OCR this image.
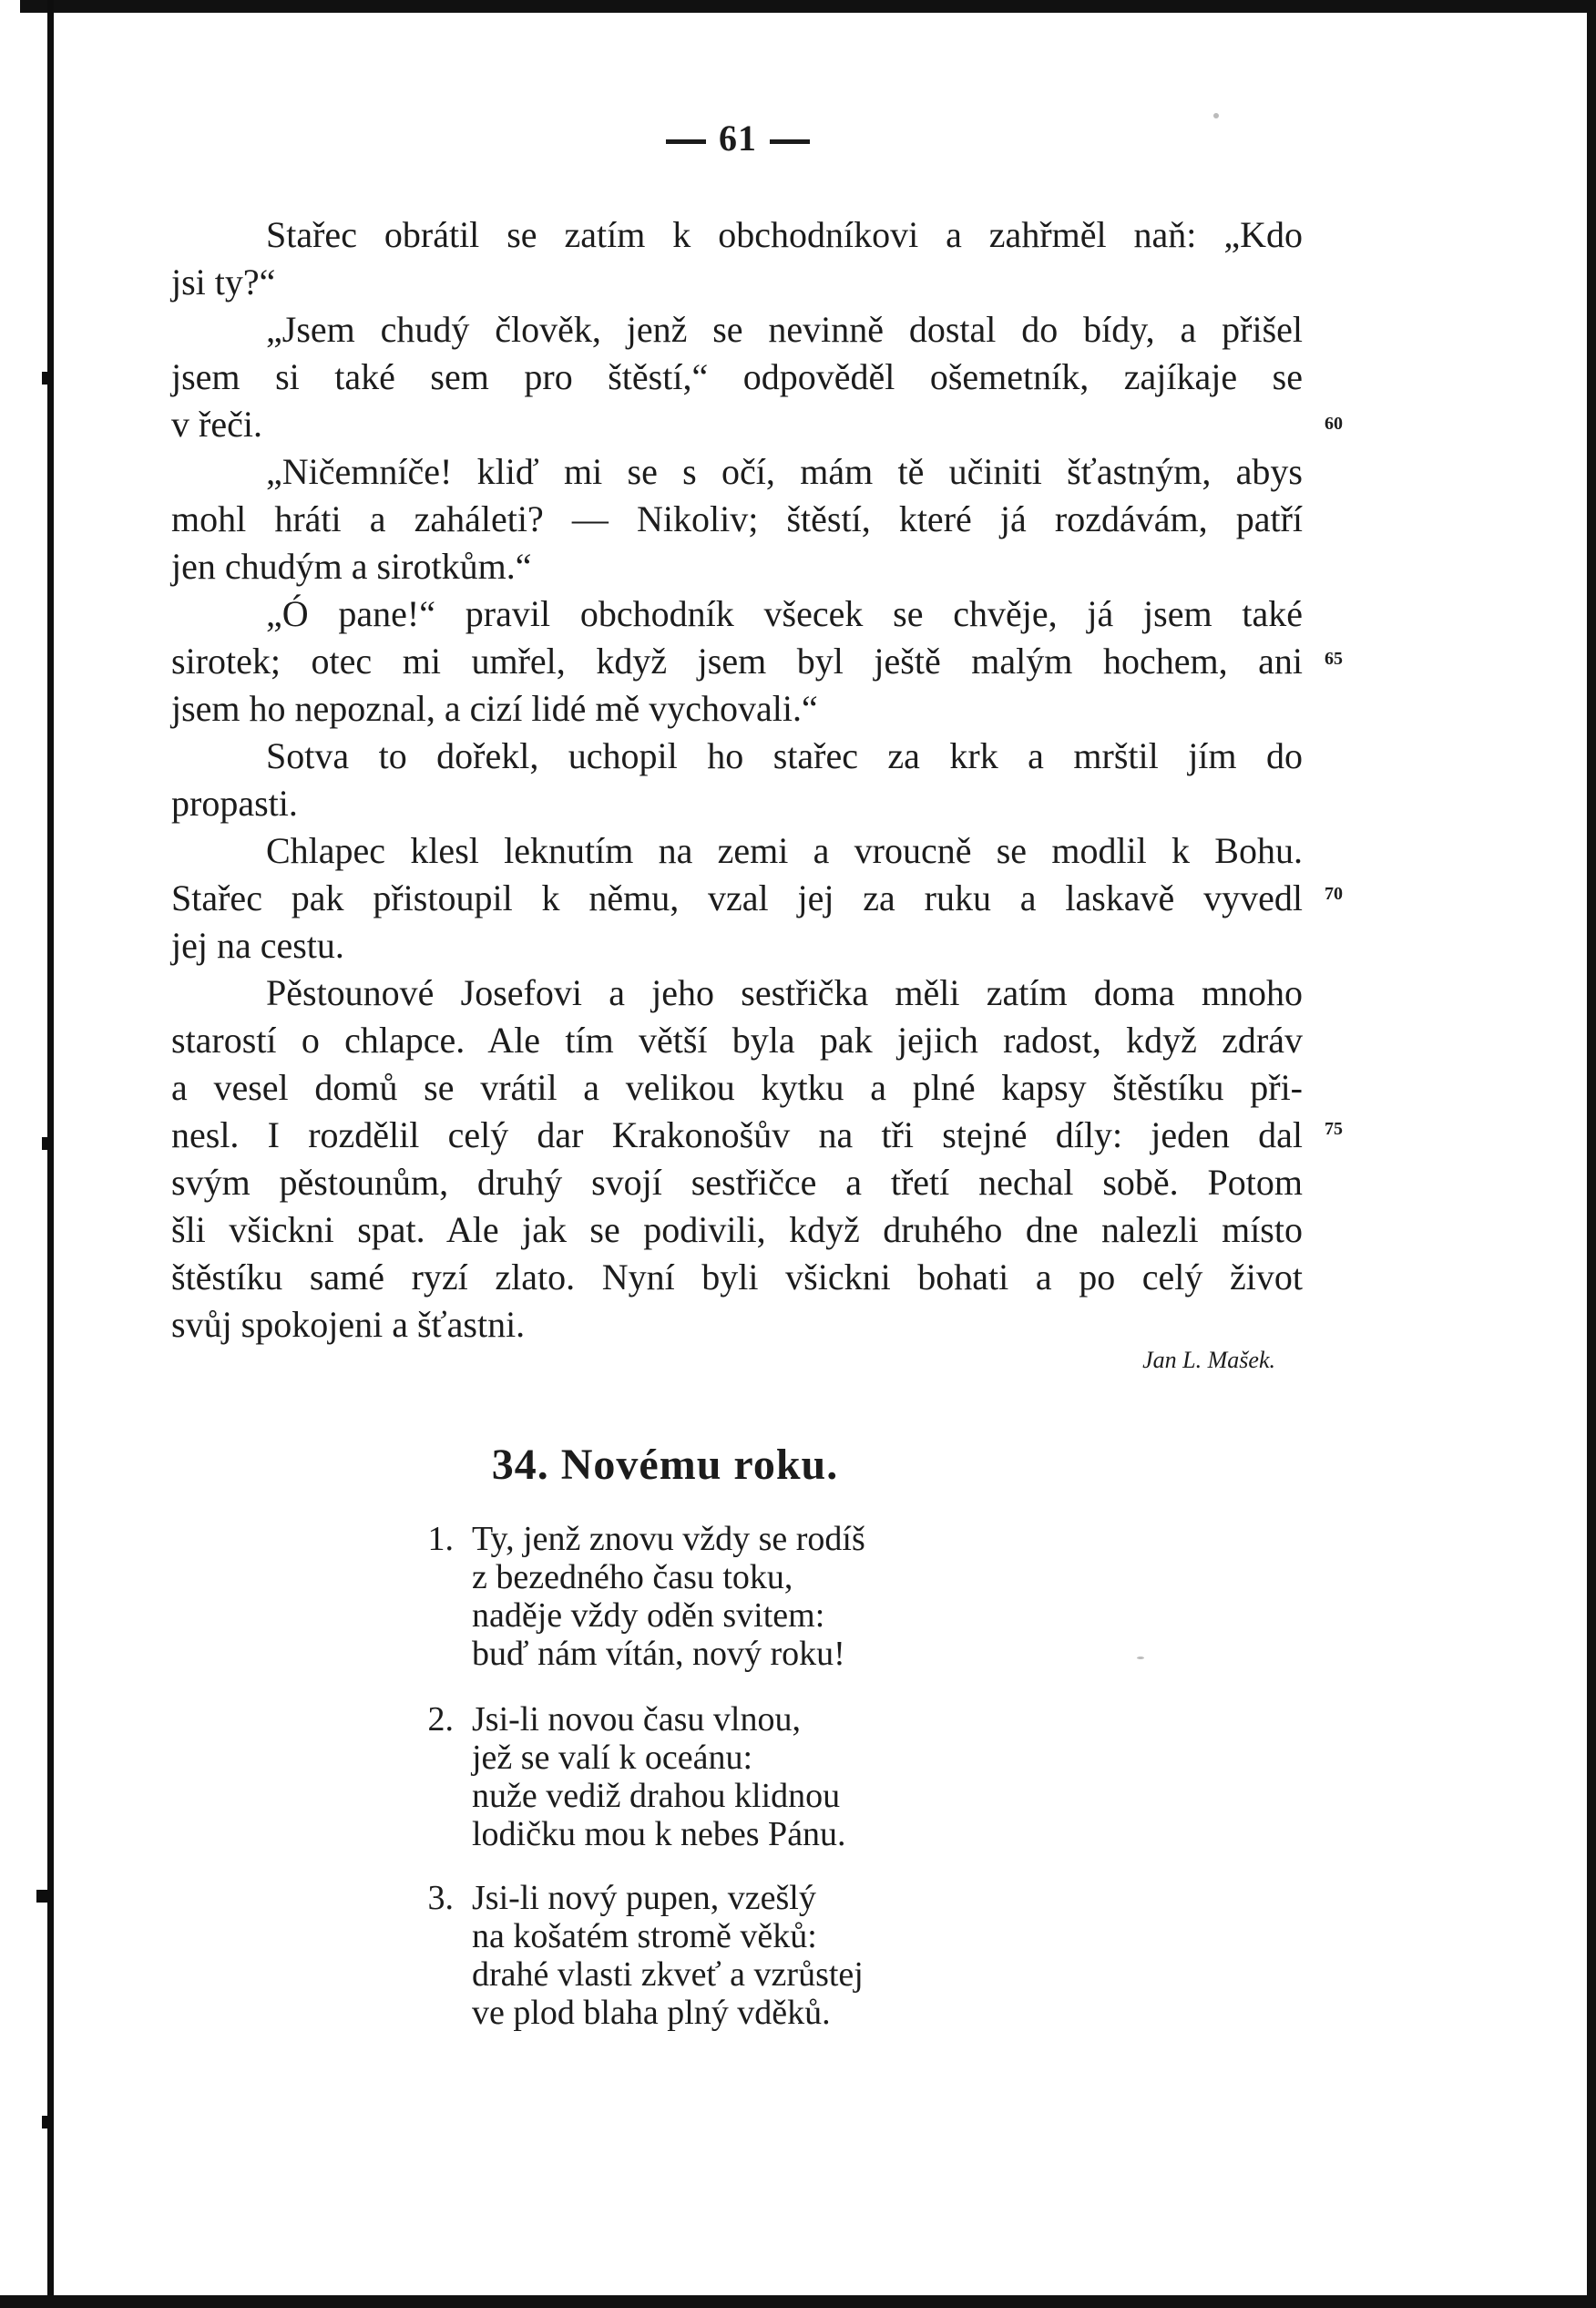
61
Stařec obrátil se zatím k obchodníkovi a zahřměl naň: „Kdo
jsi ty?“
„Jsem chudý člověk, jenž se nevinně dostal do bídy, a přišel
jsem si také sem pro štěstí,“ odpověděl ošemetník, zajíkaje se
v řeči.
„Ničemníče! kliď mi se s očí, mám tě učiniti šťastným, abys
mohl hráti a zaháleti? — Nikoliv; štěstí, které já rozdávám, patří
jen chudým a sirotkům.“
„Ó pane!“ pravil obchodník všecek se chvěje, já jsem také
sirotek; otec mi umřel, když jsem byl ještě malým hochem, ani
jsem ho nepoznal, a cizí lidé mě vychovali.“
Sotva to dořekl, uchopil ho stařec za krk a mrštil jím do
propasti.
Chlapec klesl leknutím na zemi a vroucně se modlil k Bohu.
Stařec pak přistoupil k němu, vzal jej za ruku a laskavě vyvedl
jej na cestu.
Pěstounové Josefovi a jeho sestřička měli zatím doma mnoho
starostí o chlapce. Ale tím větší byla pak jejich radost, když zdráv
a vesel domů se vrátil a velikou kytku a plné kapsy štěstíku při-
nesl. I rozdělil celý dar Krakonošův na tři stejné díly: jeden dal
svým pěstounům, druhý svojí sestřičce a třetí nechal sobě. Potom
šli všickni spat. Ale jak se podivili, když druhého dne nalezli místo
štěstíku samé ryzí zlato. Nyní byli všickni bohati a po celý život
svůj spokojeni a šťastni.
60
65
70
75
Jan L. Mašek.
34. Novému roku.
1. Ty, jenž znovu vždy se rodíš
z bezedného času toku,
naděje vždy oděn svitem:
buď nám vítán, nový roku!
2. Jsi-li novou času vlnou,
jež se valí k oceánu:
nuže vediž drahou klidnou
lodičku mou k nebes Pánu.
3. Jsi-li nový pupen, vzešlý
na košatém stromě věků:
drahé vlasti zkveť a vzrůstej
ve plod blaha plný vděků.
